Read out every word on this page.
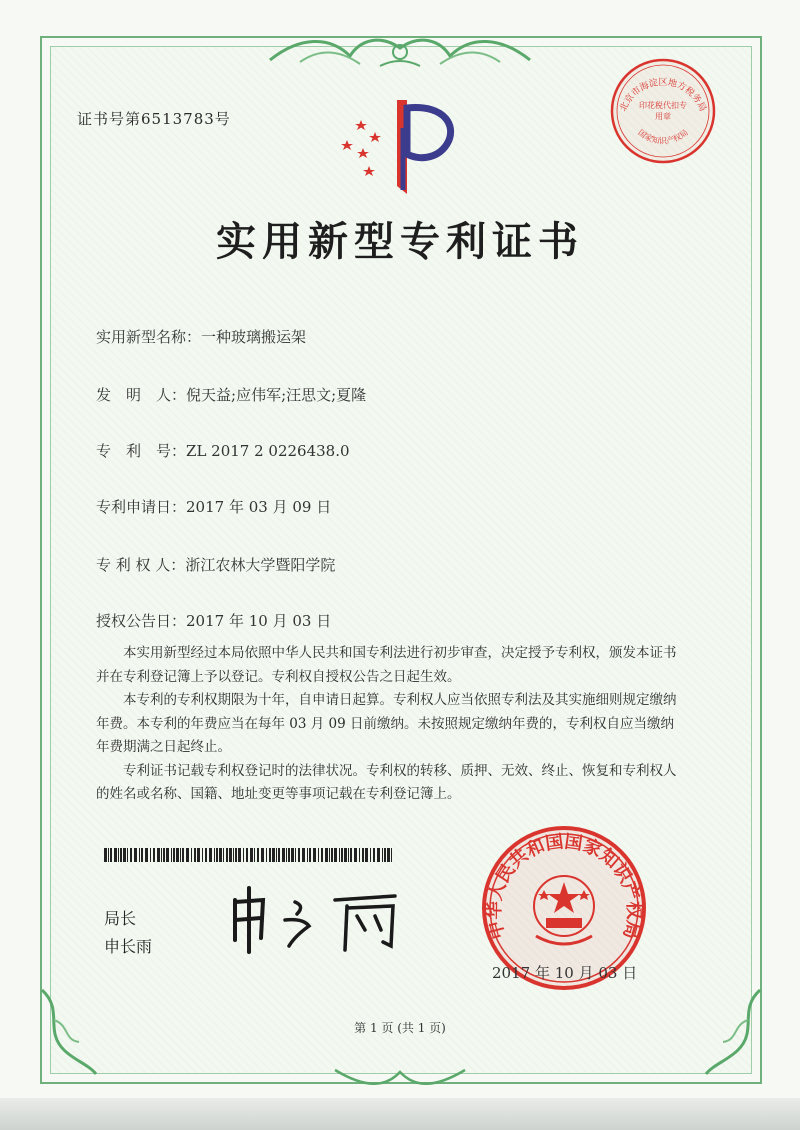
证书号第6513783号
实用新型专利证书
实用新型名称：一种玻璃搬运架
发　明　人：倪天益;应伟军;汪思文;夏隆
专　利　号：ZL 2017 2 0226438.0
专利申请日：2017 年 03 月 09 日
专 利 权 人：浙江农林大学暨阳学院
授权公告日：2017 年 10 月 03 日

本实用新型经过本局依照中华人民共和国专利法进行初步审查，决定授予专利权，颁发本证书并在专利登记簿上予以登记。专利权自授权公告之日起生效。

本专利的专利权期限为十年，自申请日起算。专利权人应当依照专利法及其实施细则规定缴纳年费。本专利的年费应当在每年 03 月 09 日前缴纳。未按照规定缴纳年费的，专利权自应当缴纳年费期满之日起终止。

专利证书记载专利权登记时的法律状况。专利权的转移、质押、无效、终止、恢复和专利权人的姓名或名称、国籍、地址变更等事项记载在专利登记簿上。

局长
申长雨
中华人民共和国国家知识产权局
2017 年 10 月 03 日
北京市海淀区地方税务局
国家知识产权局
印花税代扣专用章
第 1 页 (共 1 页)
